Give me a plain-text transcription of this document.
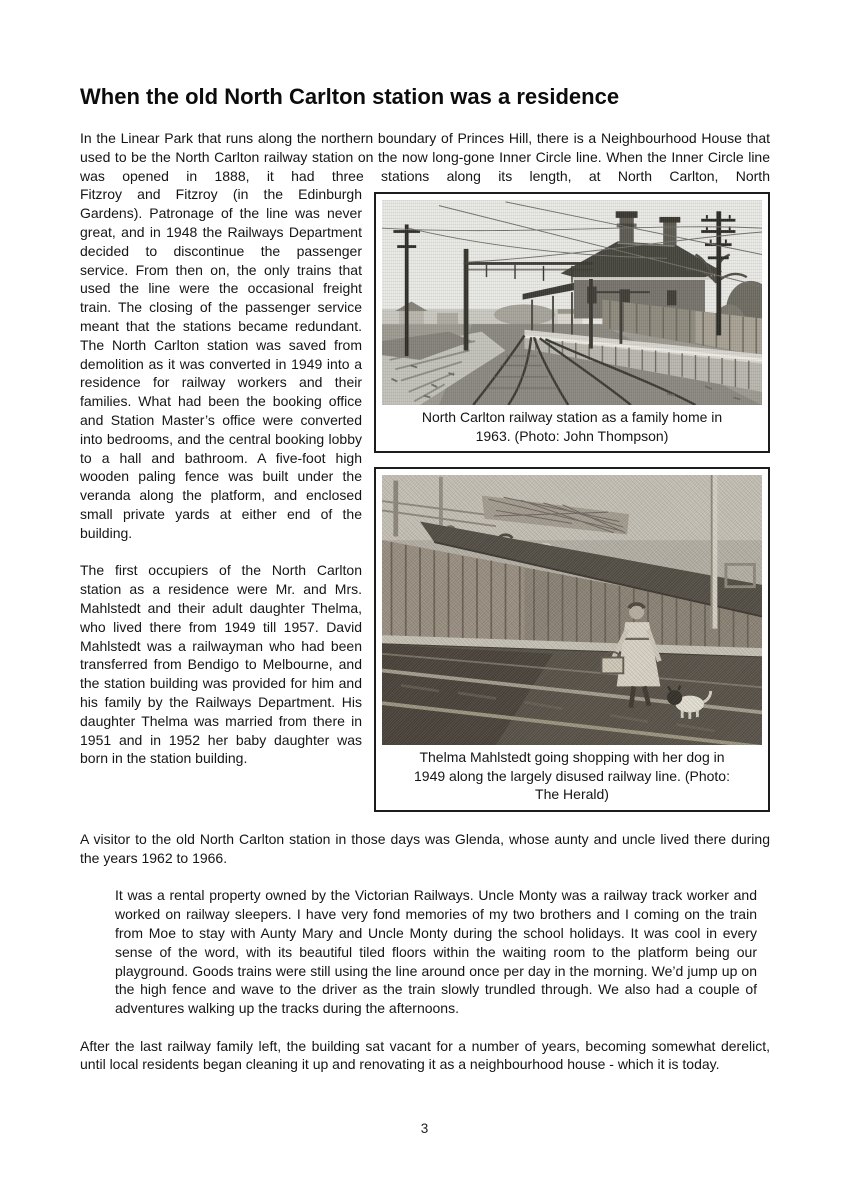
When the old North Carlton station was a residence

In the Linear Park that runs along the northern boundary of Princes Hill, there is a Neighbourhood House that used to be the North Carlton railway station on the now long-gone Inner Circle line. When the Inner Circle line was opened in 1888, it had three stations along its length, at North Carlton, North

North Carlton railway station as a family home in 1963. (Photo: John Thompson)
Thelma Mahlstedt going shopping with her dog in 1949 along the largely disused railway line. (Photo: The Herald)

Fitzroy and Fitzroy (in the Edinburgh Gardens). Patronage of the line was never great, and in 1948 the Railways Department decided to discontinue the passenger service. From then on, the only trains that used the line were the occasional freight train. The closing of the passenger service meant that the stations became redundant. The North Carlton station was saved from demolition as it was converted in 1949 into a residence for railway workers and their families. What had been the booking office and Station Master’s office were converted into bedrooms, and the central booking lobby to a hall and bathroom. A five-foot high wooden paling fence was built under the veranda along the platform, and enclosed small private yards at either end of the building.

The first occupiers of the North Carlton station as a residence were Mr. and Mrs. Mahlstedt and their adult daughter Thelma, who lived there from 1949 till 1957. David Mahlstedt was a railwayman who had been transferred from Bendigo to Melbourne, and the station building was provided for him and his family by the Railways Department. His daughter Thelma was married from there in 1951 and in 1952 her baby daughter was born in the station building.

A visitor to the old North Carlton station in those days was Glenda, whose aunty and uncle lived there during the years 1962 to 1966.

It was a rental property owned by the Victorian Railways. Uncle Monty was a railway track worker and worked on railway sleepers. I have very fond memories of my two brothers and I coming on the train from Moe to stay with Aunty Mary and Uncle Monty during the school holidays. It was cool in every sense of the word, with its beautiful tiled floors within the waiting room to the platform being our playground. Goods trains were still using the line around once per day in the morning. We’d jump up on the high fence and wave to the driver as the train slowly trundled through. We also had a couple of adventures walking up the tracks during the afternoons.

After the last railway family left, the building sat vacant for a number of years, becoming somewhat derelict, until local residents began cleaning it up and renovating it as a neighbourhood house - which it is today.

3
